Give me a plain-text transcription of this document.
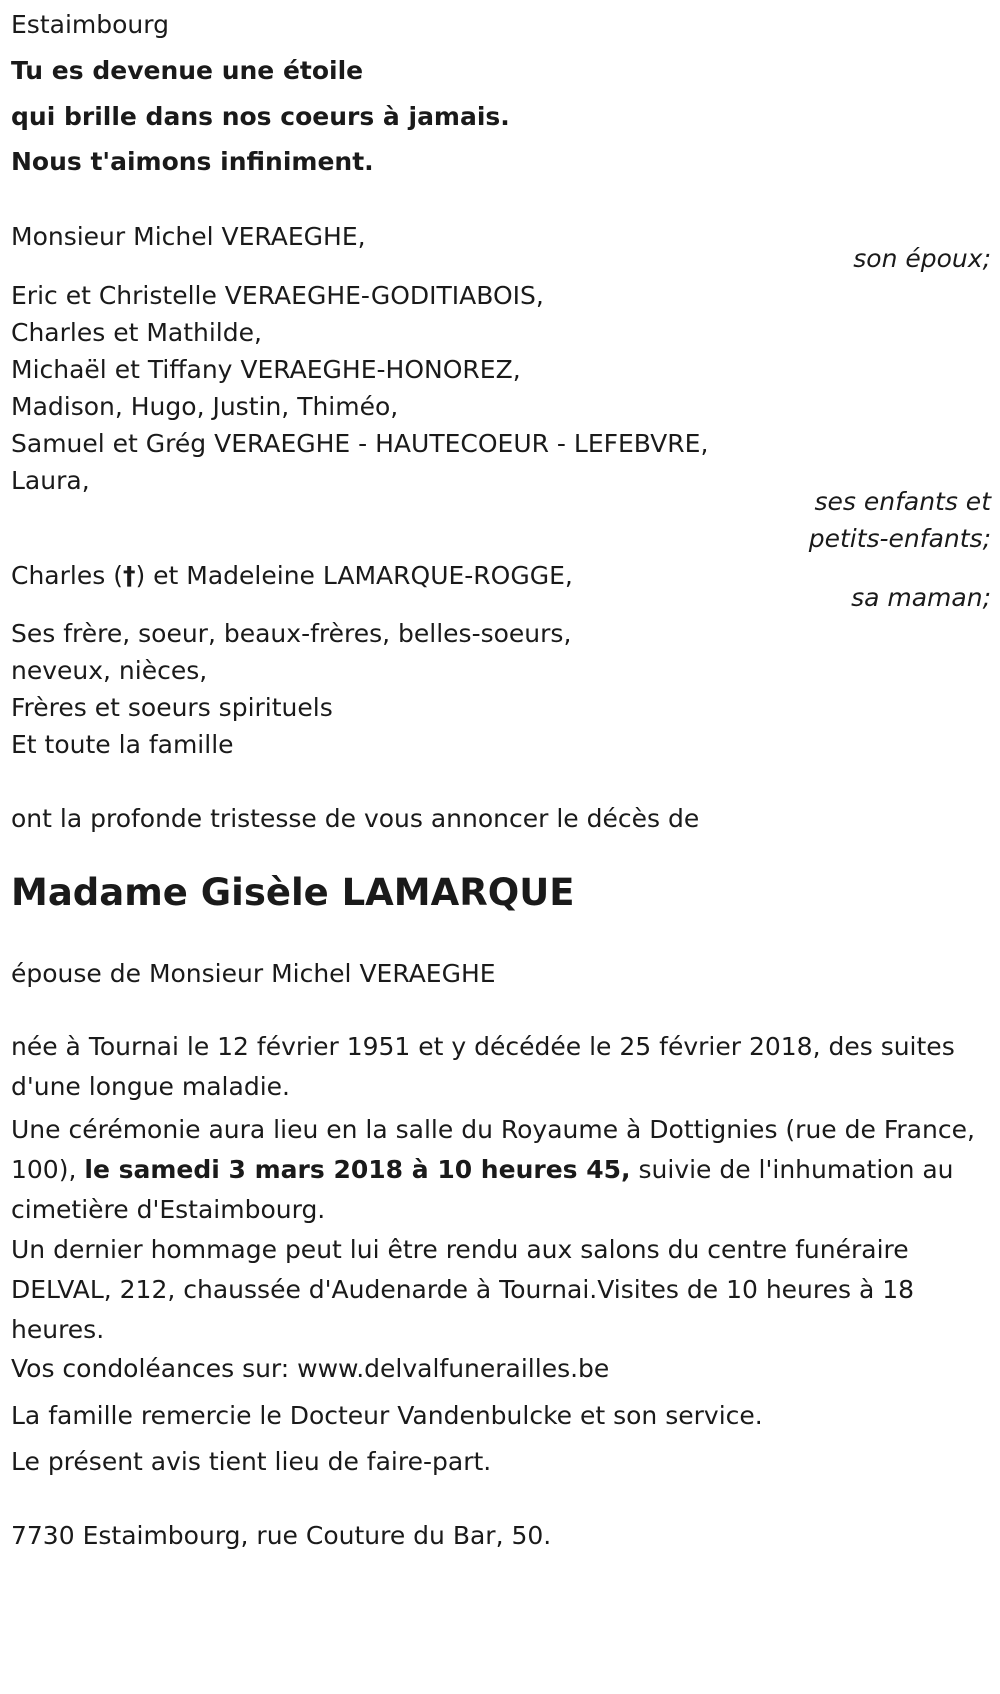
Estaimbourg
Tu es devenue une étoile
qui brille dans nos coeurs à jamais.
Nous t'aimons infiniment.
Monsieur Michel VERAEGHE,
son époux;
Eric et Christelle VERAEGHE-GODITIABOIS,
Charles et Mathilde,
Michaël et Tiffany VERAEGHE-HONOREZ,
Madison, Hugo, Justin, Thiméo,
Samuel et Grég VERAEGHE - HAUTECOEUR - LEFEBVRE,
Laura,
ses enfants et
petits-enfants;
Charles (†) et Madeleine LAMARQUE-ROGGE,
sa maman;
Ses frère, soeur, beaux-frères, belles-soeurs,
neveux, nièces,
Frères et soeurs spirituels
Et toute la famille
ont la profonde tristesse de vous annoncer le décès de
Madame Gisèle LAMARQUE
épouse de Monsieur Michel VERAEGHE
née à Tournai le 12 février 1951 et y décédée le 25 février 2018, des suites d'une longue maladie.
Une cérémonie aura lieu en la salle du Royaume à Dottignies (rue de France, 100), le samedi 3 mars 2018 à 10 heures 45, suivie de l'inhumation au cimetière d'Estaimbourg.
Un dernier hommage peut lui être rendu aux salons du centre funéraire DELVAL, 212, chaussée d'Audenarde à Tournai.Visites de 10 heures à 18 heures.
Vos condoléances sur: www.delvalfunerailles.be
La famille remercie le Docteur Vandenbulcke et son service.
Le présent avis tient lieu de faire-part.
7730 Estaimbourg, rue Couture du Bar, 50.
